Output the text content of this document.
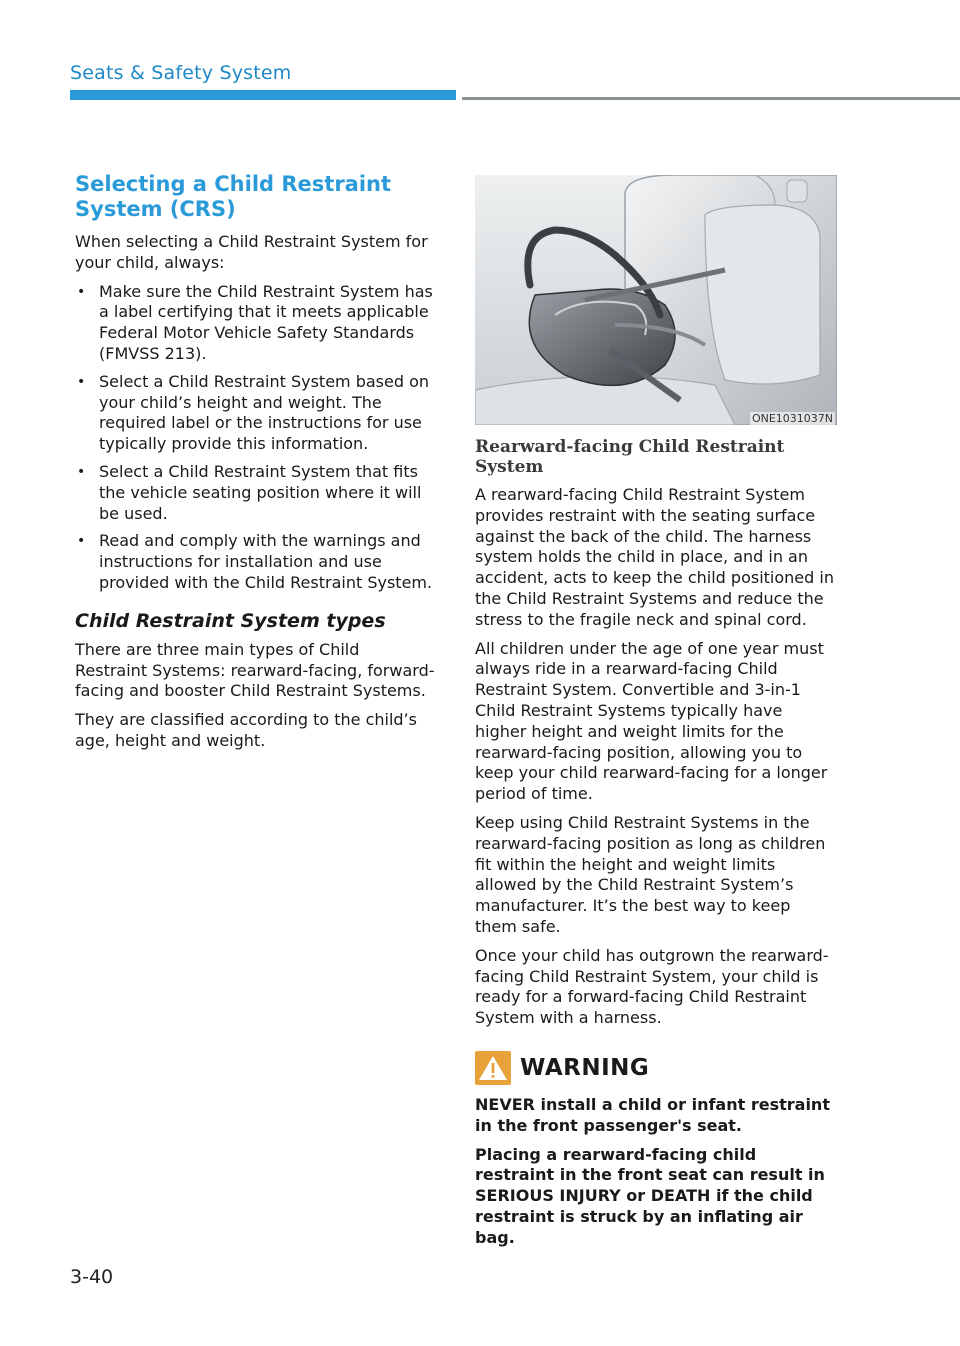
Seats & Safety System
Selecting a Child Restraint
System (CRS)

When selecting a Child Restraint System for your child, always:

• Make sure the Child Restraint System has a label certifying that it meets applicable Federal Motor Vehicle Safety Standards (FMVSS 213).
• Select a Child Restraint System based on your child’s height and weight. The required label or the instructions for use typically provide this information.
• Select a Child Restraint System that fits the vehicle seating position where it will be used.
• Read and comply with the warnings and instructions for installation and use provided with the Child Restraint System.
Child Restraint System types

There are three main types of Child Restraint Systems: rearward-facing, forward-facing and booster Child Restraint Systems.

They are classified according to the child’s age, height and weight.

ONE1031037N
Rearward-facing Child Restraint System

A rearward-facing Child Restraint System provides restraint with the seating surface against the back of the child. The harness system holds the child in place, and in an accident, acts to keep the child positioned in the Child Restraint Systems and reduce the stress to the fragile neck and spinal cord.

All children under the age of one year must always ride in a rearward-facing Child Restraint System. Convertible and 3-in-1 Child Restraint Systems typically have higher height and weight limits for the rearward-facing position, allowing you to keep your child rearward-facing for a longer period of time.

Keep using Child Restraint Systems in the rearward-facing position as long as children fit within the height and weight limits allowed by the Child Restraint System’s manufacturer. It’s the best way to keep them safe.

Once your child has outgrown the rearward-facing Child Restraint System, your child is ready for a forward-facing Child Restraint System with a harness.

WARNING

NEVER install a child or infant restraint in the front passenger's seat.

Placing a rearward-facing child restraint in the front seat can result in SERIOUS INJURY or DEATH if the child restraint is struck by an inflating air bag.

3-40
